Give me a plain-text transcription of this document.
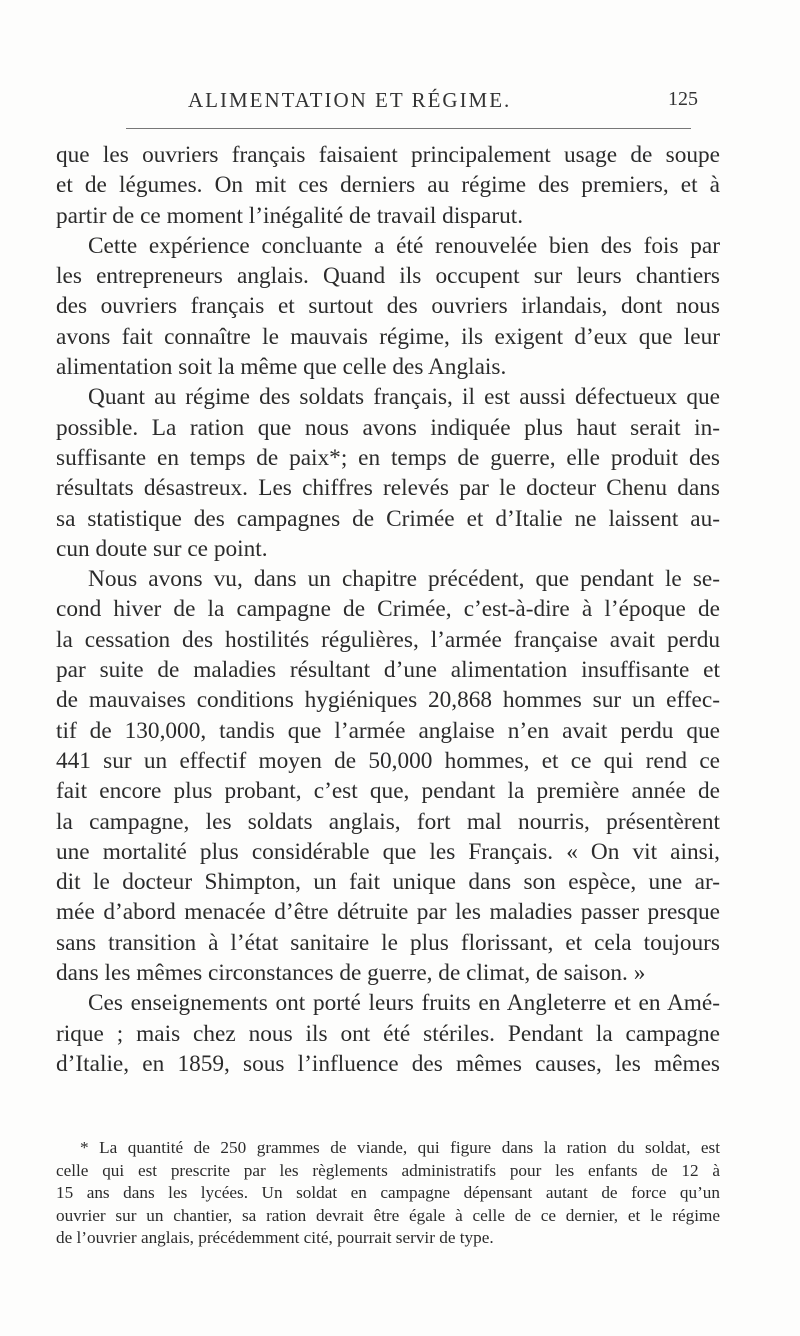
ALIMENTATION ET RÉGIME.	125
que les ouvriers français faisaient principalement usage de soupe
et de légumes. On mit ces derniers au régime des premiers, et à
partir de ce moment l’inégalité de travail disparut.
Cette expérience concluante a été renouvelée bien des fois par
les entrepreneurs anglais. Quand ils occupent sur leurs chantiers
des ouvriers français et surtout des ouvriers irlandais, dont nous
avons fait connaître le mauvais régime, ils exigent d’eux que leur
alimentation soit la même que celle des Anglais.
Quant au régime des soldats français, il est aussi défectueux que
possible. La ration que nous avons indiquée plus haut serait in-
suffisante en temps de paix*; en temps de guerre, elle produit des
résultats désastreux. Les chiffres relevés par le docteur Chenu dans
sa statistique des campagnes de Crimée et d’Italie ne laissent au-
cun doute sur ce point.
Nous avons vu, dans un chapitre précédent, que pendant le se-
cond hiver de la campagne de Crimée, c’est-à-dire à l’époque de
la cessation des hostilités régulières, l’armée française avait perdu
par suite de maladies résultant d’une alimentation insuffisante et
de mauvaises conditions hygiéniques 20,868 hommes sur un effec-
tif de 130,000, tandis que l’armée anglaise n’en avait perdu que
441 sur un effectif moyen de 50,000 hommes, et ce qui rend ce
fait encore plus probant, c’est que, pendant la première année de
la campagne, les soldats anglais, fort mal nourris, présentèrent
une mortalité plus considérable que les Français. « On vit ainsi,
dit le docteur Shimpton, un fait unique dans son espèce, une ar-
mée d’abord menacée d’être détruite par les maladies passer presque
sans transition à l’état sanitaire le plus florissant, et cela toujours
dans les mêmes circonstances de guerre, de climat, de saison. »
Ces enseignements ont porté leurs fruits en Angleterre et en Amé-
rique ; mais chez nous ils ont été stériles. Pendant la campagne
d’Italie, en 1859, sous l’influence des mêmes causes, les mêmes
* La quantité de 250 grammes de viande, qui figure dans la ration du soldat, est
celle qui est prescrite par les règlements administratifs pour les enfants de 12 à
15 ans dans les lycées. Un soldat en campagne dépensant autant de force qu’un
ouvrier sur un chantier, sa ration devrait être égale à celle de ce dernier, et le régime
de l’ouvrier anglais, précédemment cité, pourrait servir de type.
